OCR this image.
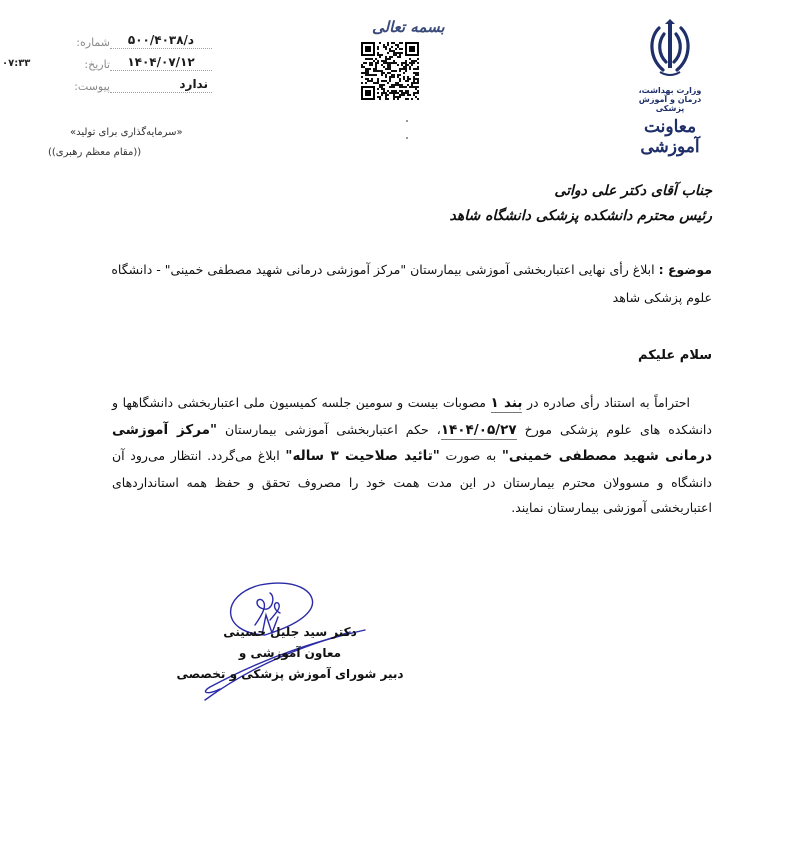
شماره:	د/۵۰۰/۴۰۳۸
تاریخ:	۱۴۰۴/۰۷/۱۲
پیوست:	ندارد
۰۷:۳۳
«سرمایه‌گذاری برای تولید»
((مقام معظم رهبری))
بسمه تعالی
وزارت بهداشت، درمان و آموزش پزشکی
معاونت آموزشی
جناب آقای دکتر علی دواتی
رئیس محترم دانشکده پزشکی دانشگاه شاهد
موضوع : ابلاغ رأی نهایی اعتباربخشی آموزشی بیمارستان "مرکز آموزشی درمانی شهید مصطفی خمینی" - دانشگاه علوم پزشکی شاهد
سلام علیکم
احتراماً به استناد رأی صادره در بند ۱ مصوبات بیست و سومین جلسه کمیسیون ملی اعتباربخشی دانشگاهها و دانشکده های علوم پزشکی مورخ ۱۴۰۴/۰۵/۲۷، حکم اعتباربخشی آموزشی بیمارستان "مرکز آموزشی درمانی شهید مصطفی خمینی" به صورت "تائید صلاحیت ۳ ساله" ابلاغ می‌گردد. انتظار می‌رود آن دانشگاه و مسوولان محترم بیمارستان در این مدت همت خود را مصروف تحقق و حفظ همه استانداردهای اعتباربخشی آموزشی بیمارستان نمایند.
دکتر سید جلیل حسینی
معاون آموزشی و
دبیر شورای آموزش پزشکی و تخصصی
